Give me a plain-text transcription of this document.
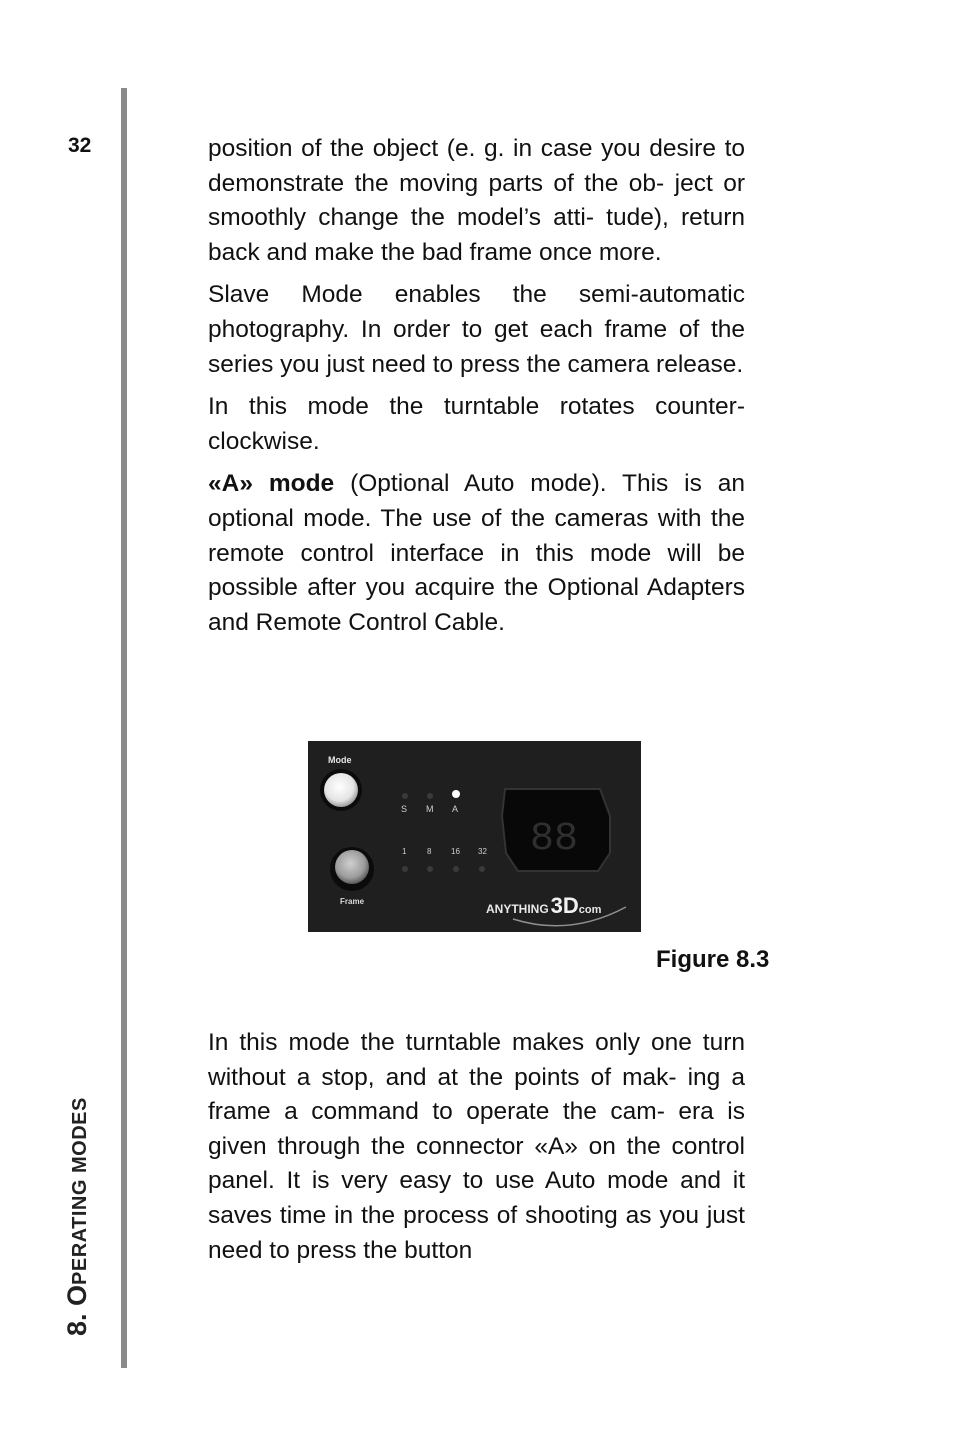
32
8. OPERATING MODES

position of the object (e. g. in case you desire to demonstrate the moving parts of the ob- ject or smoothly change the model’s atti- tude), return back and make the bad frame once more.

Slave Mode enables the semi-automatic photography. In order to get each frame of the series you just need to press the camera release.

In this mode the turntable rotates counter- clockwise.

«A» mode (Optional Auto mode). This is an optional mode. The use of the cameras with the remote control interface in this mode will be possible after you acquire the Optional Adapters and Remote Control Cable.

Mode
Frame
S M A
1	8 16 32 88
ANYTHING3Dcom
Figure 8.3

In this mode the turntable makes only one turn without a stop, and at the points of mak- ing a frame a command to operate the cam- era is given through the connector «A» on the control panel. It is very easy to use Auto mode and it saves time in the process of shooting as you just need to press the button
